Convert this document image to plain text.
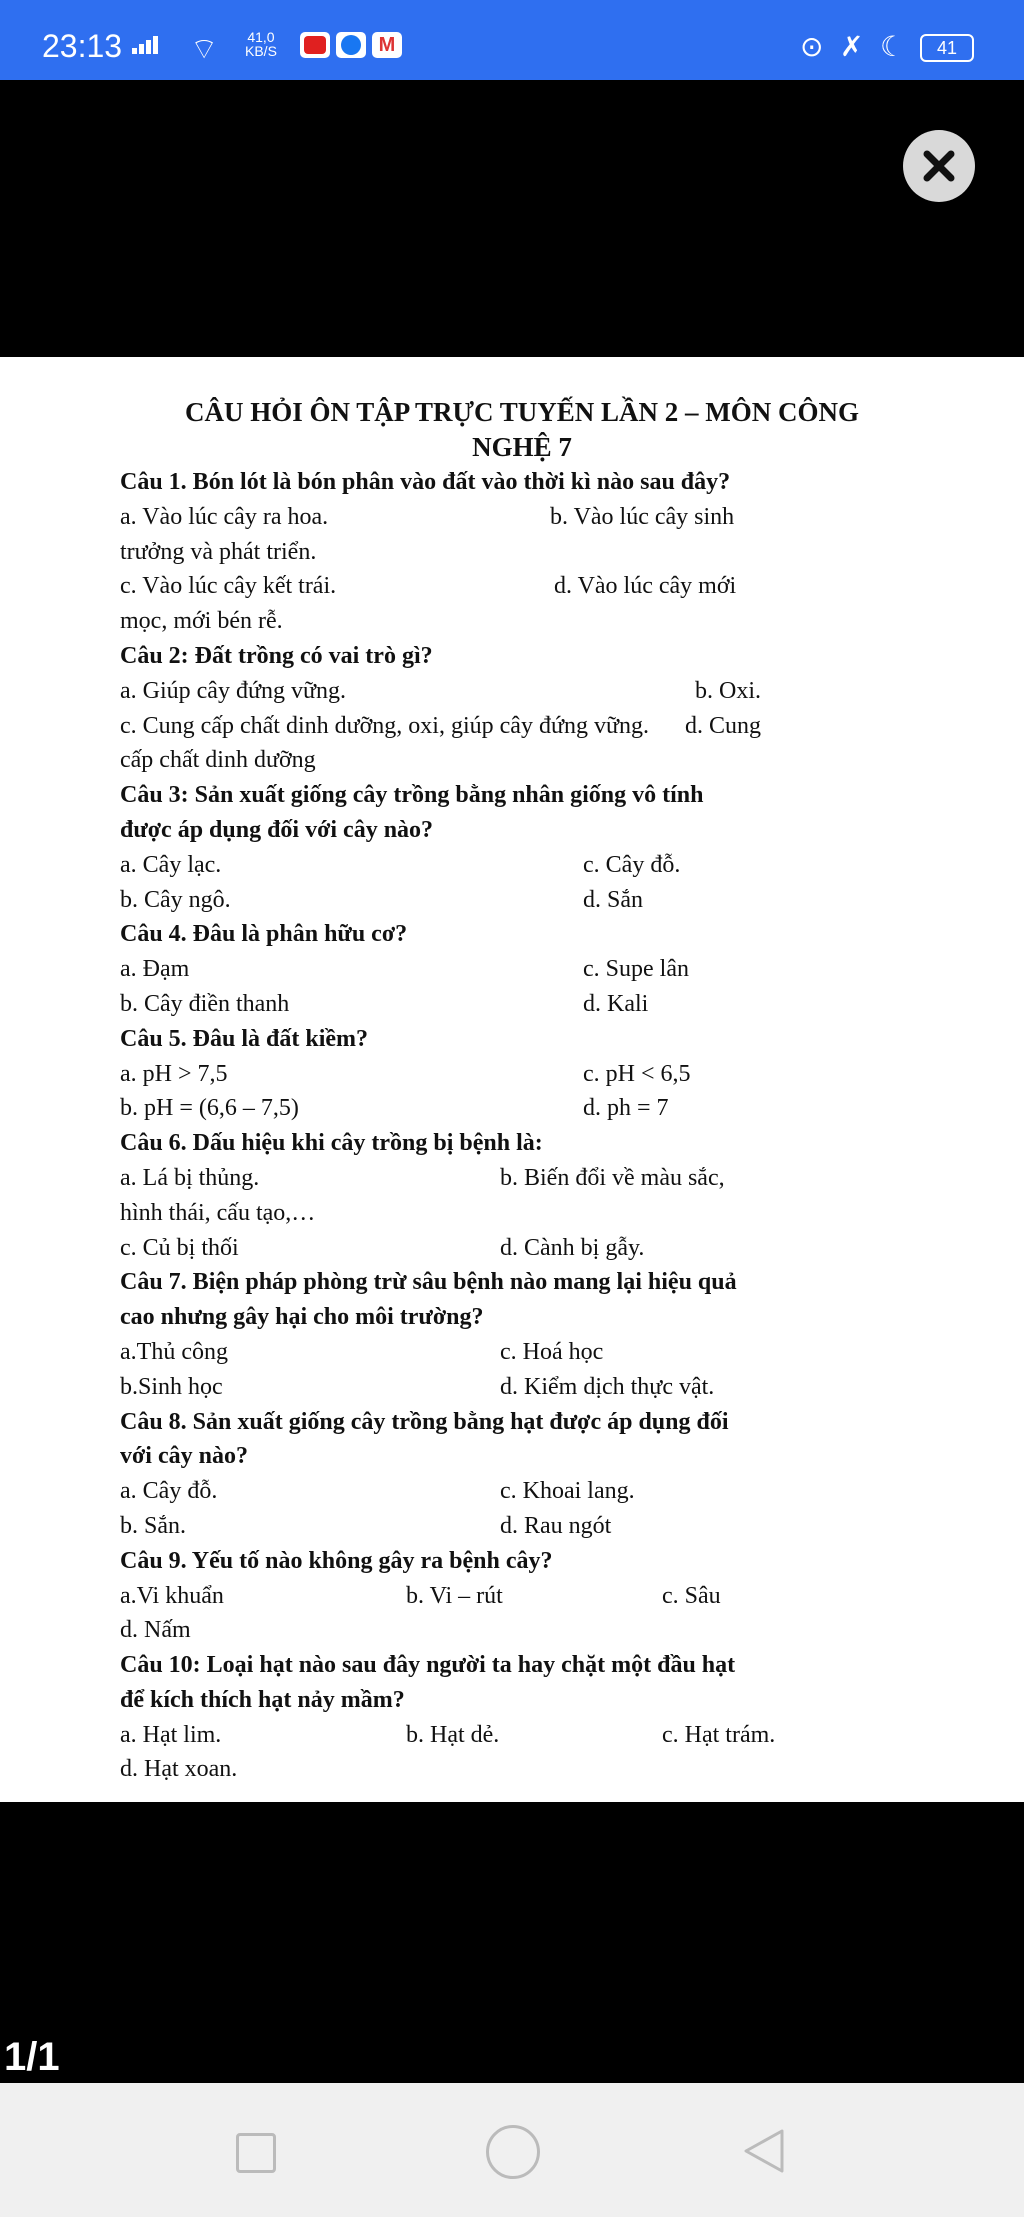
23:13 ⌔ 41,0
KB/S	M	⊙ ✗ ☾	41
CÂU HỎI ÔN TẬP TRỰC TUYẾN LẦN 2 – MÔN CÔNG
NGHỆ 7
Câu 1. Bón lót là bón phân vào đất vào thời kì nào sau đây?
a. Vào lúc cây ra hoa.	b. Vào lúc cây sinh
trưởng và phát triển.
c. Vào lúc cây kết trái.	d. Vào lúc cây mới
mọc, mới bén rễ.
Câu 2: Đất trồng có vai trò gì?
a. Giúp cây đứng vững.	b. Oxi.
c. Cung cấp chất dinh dưỡng, oxi, giúp cây đứng vững. d. Cung
cấp chất dinh dưỡng
Câu 3: Sản xuất giống cây trồng bằng nhân giống vô tính
được áp dụng đối với cây nào?
a. Cây lạc.	c. Cây đỗ.
b. Cây ngô.	d. Sắn
Câu 4. Đâu là phân hữu cơ?
a. Đạm	c. Supe lân
b. Cây điền thanh	d. Kali
Câu 5. Đâu là đất kiềm?
a. pH > 7,5	c. pH < 6,5
b. pH = (6,6 – 7,5)	d. ph = 7
Câu 6. Dấu hiệu khi cây trồng bị bệnh là:
a. Lá bị thủng.	b. Biến đổi về màu sắc,
hình thái, cấu tạo,…
c. Củ bị thối	d. Cành bị gẫy.
Câu 7. Biện pháp phòng trừ sâu bệnh nào mang lại hiệu quả
cao nhưng gây hại cho môi trường?
a.Thủ công	c. Hoá học
b.Sinh học	d. Kiểm dịch thực vật.
Câu 8. Sản xuất giống cây trồng bằng hạt được áp dụng đối
với cây nào?
a. Cây đỗ.	c. Khoai lang.
b. Sắn.	d. Rau ngót
Câu 9. Yếu tố nào không gây ra bệnh cây?
a.Vi khuẩn	b. Vi – rút	c. Sâu
d. Nấm
Câu 10: Loại hạt nào sau đây người ta hay chặt một đầu hạt
để kích thích hạt nảy mầm?
a. Hạt lim.	b. Hạt dẻ.	c. Hạt trám.
d. Hạt xoan.
1/1
